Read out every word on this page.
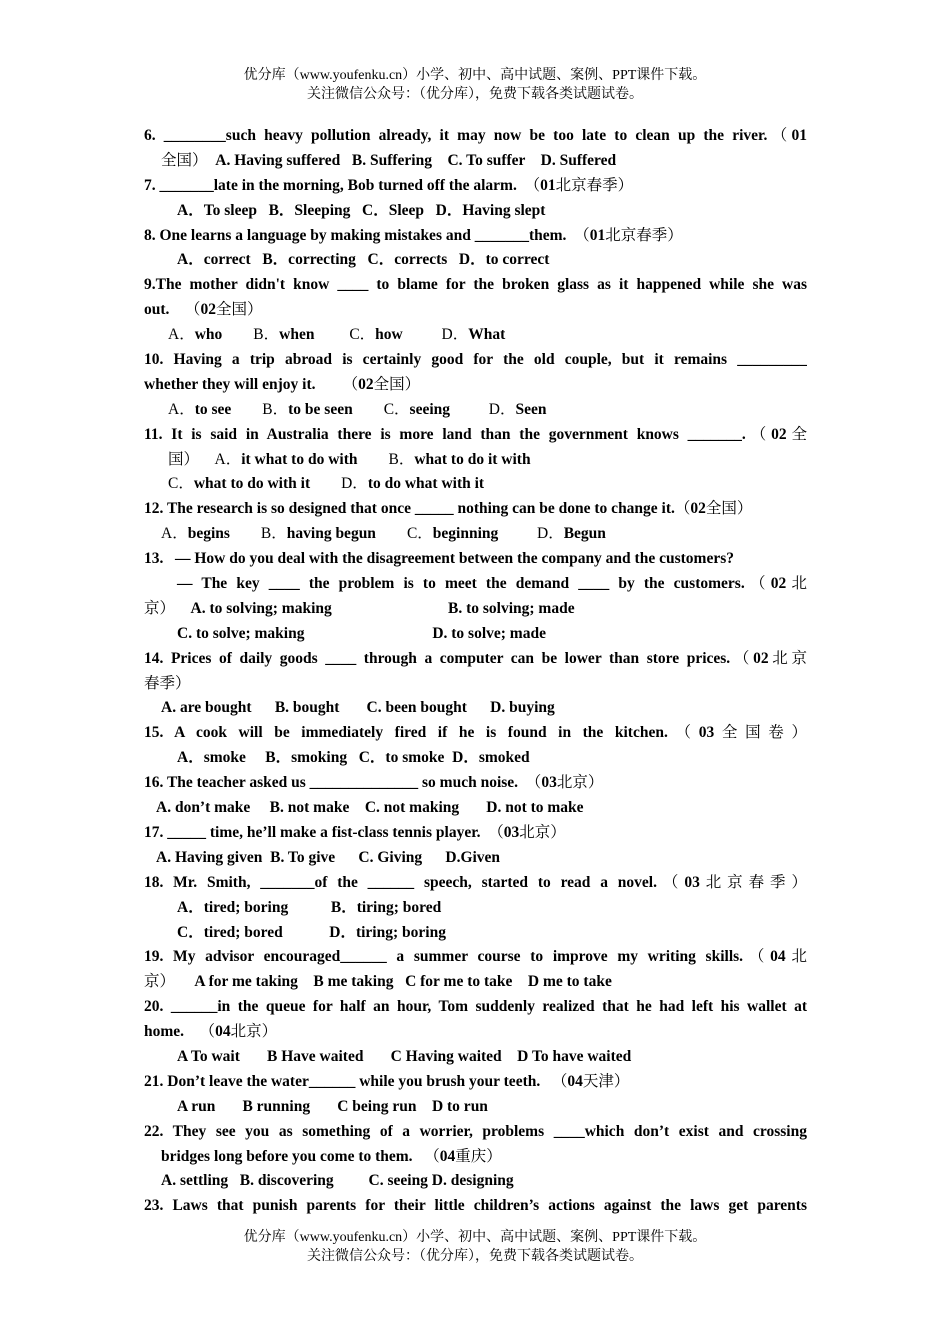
优分库（www.youfenku.cn）小学、初中、高中试题、案例、PPT课件下载。
关注微信公众号：（优分库），免费下载各类试题试卷。
6. ________such heavy pollution already, it may now be too late to clean up the river.（01
全国）  A. Having suffered   B. Suffering    C. To suffer    D. Suffered
7. _______late in the morning, Bob turned off the alarm.  （01北京春季）
A．To sleep   B．Sleeping   C．Sleep   D．Having slept
8. One learns a language by making mistakes and _______them.  （01北京春季）
A．correct   B．correcting   C．corrects   D．to correct
9.The mother didn't know ____ to blame for the broken glass as it happened while she was
out.    （02全国）
A．who        B．when         C．how          D．What
10. Having a trip abroad is certainly good for the old couple, but it remains _________
whether they will enjoy it.       （02全国）
A．to see        B．to be seen        C．seeing          D．Seen
11. It is said in Australia there is more land than the government knows _______.（02全
国）    A．it what to do with        B．what to do it with
C．what to do with it        D．to do what with it
12. The research is so designed that once _____ nothing can be done to change it.（02全国）
A．begins        B．having begun        C．beginning          D．Begun
13.   — How do you deal with the disagreement between the company and the customers?
— The key ____ the problem is to meet the demand ____ by the customers.（02北
京）    A. to solving; making                              B. to solving; made
C. to solve; making                                 D. to solve; made
14. Prices of daily goods ____ through a computer can be lower than store prices.（02北京
春季）
A. are bought      B. bought       C. been bought      D. buying
15. A cook will be immediately fired if he is found in the kitchen.（03全国卷）
A．smoke     B．smoking   C．to smoke  D．smoked
16. The teacher asked us ______________ so much noise.  （03北京）
A. don’t make     B. not make    C. not making       D. not to make
17. _____ time, he’ll make a fist-class tennis player.  （03北京）
A. Having given  B. To give      C. Giving      D.Given
18. Mr. Smith, _______of the ______ speech, started to read a novel.（03北京春季）
A．tired; boring           B．tiring; bored
C．tired; bored            D．tiring; boring
19. My advisor encouraged______ a summer course to improve my writing skills.（04北
京）     A for me taking    B me taking   C for me to take    D me to take
20. ______in the queue for half an hour, Tom suddenly realized that he had left his wallet at
home.    （04北京）
A To wait       B Have waited       C Having waited    D To have waited
21. Don’t leave the water______ while you brush your teeth.   （04天津）
A run       B running       C being run    D to run
22. They see you as something of a worrier, problems ____which don’t exist and crossing
bridges long before you come to them.   （04重庆）
A. settling   B. discovering         C. seeing D. designing
23. Laws that punish parents for their little children’s actions against the laws get parents
优分库（www.youfenku.cn）小学、初中、高中试题、案例、PPT课件下载。
关注微信公众号：（优分库），免费下载各类试题试卷。
